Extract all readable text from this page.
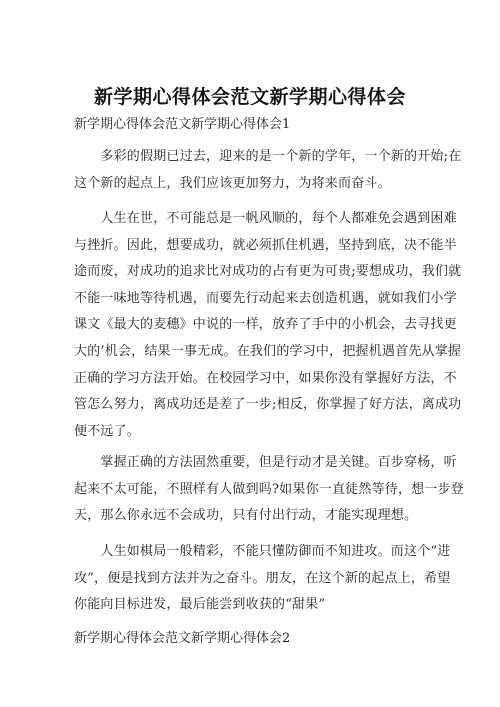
新学期心得体会范文新学期心得体会
新学期心得体会范文新学期心得体会1
　　多彩的假期已过去，迎来的是一个新的学年，一个新的开始;在
这个新的起点上，我们应该更加努力，为将来而奋斗。
　　人生在世，不可能总是一帆风顺的，每个人都难免会遇到困难
与挫折。因此，想要成功，就必须抓住机遇，坚持到底，决不能半
途而废，对成功的追求比对成功的占有更为可贵;要想成功，我们就
不能一味地等待机遇，而要先行动起来去创造机遇，就如我们小学
课文《最大的麦穗》中说的一样，放弃了手中的小机会，去寻找更
大的’机会，结果一事无成。在我们的学习中，把握机遇首先从掌握
正确的学习方法开始。在校园学习中，如果你没有掌握好方法，不
管怎么努力，离成功还是差了一步;相反，你掌握了好方法，离成功
便不远了。
　　掌握正确的方法固然重要，但是行动才是关键。百步穿杨，听
起来不太可能，不照样有人做到吗?如果你一直徒然等待，想一步登
天，那么你永远不会成功，只有付出行动，才能实现理想。
　　人生如棋局一般精彩，不能只懂防御而不知进攻。而这个“进
攻”，便是找到方法并为之奋斗。朋友，在这个新的起点上，希望
你能向目标进发，最后能尝到收获的“甜果”
新学期心得体会范文新学期心得体会2
